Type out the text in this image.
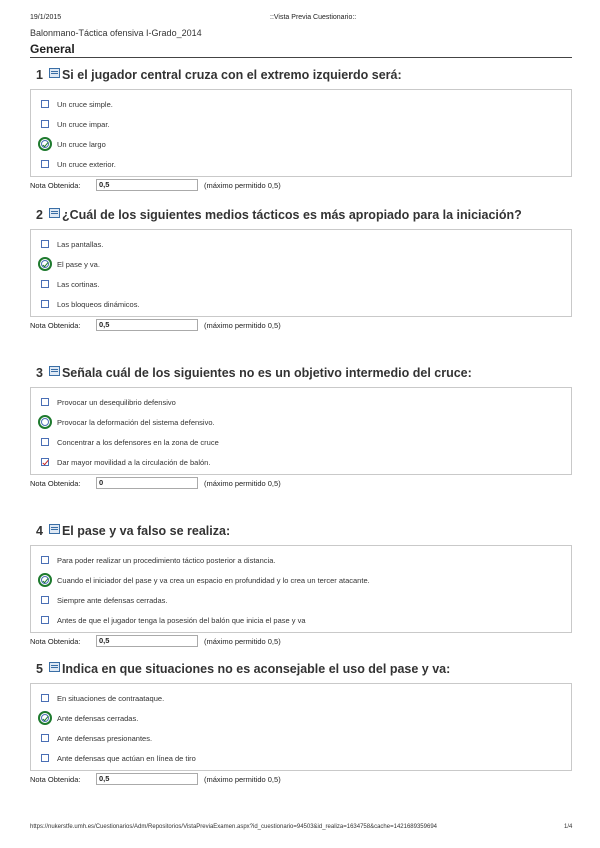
19/1/2015	::Vista Previa Cuestionario::
Balonmano-Táctica ofensiva I-Grado_2014
General
1 Si el jugador central cruza con el extremo izquierdo será:
Un cruce simple.
Un cruce impar.
Un cruce largo
Un cruce exterior.
Nota Obtenida:	0,5	(máximo permitido 0,5)
2 ¿Cuál de los siguientes medios tácticos es más apropiado para la iniciación?
Las pantallas.
El pase y va.
Las cortinas.
Los bloqueos dinámicos.
Nota Obtenida:	0,5	(máximo permitido 0,5)
3 Señala cuál de los siguientes no es un objetivo intermedio del cruce:
Provocar un desequilibrio defensivo
Provocar la deformación del sistema defensivo.
Concentrar a los defensores en la zona de cruce
Dar mayor movilidad a la circulación de balón.
Nota Obtenida:	0	(máximo permitido 0,5)
4 El pase y va falso se realiza:
Para poder realizar un procedimiento táctico posterior a distancia.
Cuando el iniciador del pase y va crea un espacio en profundidad y lo crea un tercer atacante.
Siempre ante defensas cerradas.
Antes de que el jugador tenga la posesión del balón que inicia el pase y va
Nota Obtenida:	0,5	(máximo permitido 0,5)
5 Indica en que situaciones no es aconsejable el uso del pase y va:
En situaciones de contraataque.
Ante defensas cerradas.
Ante defensas presionantes.
Ante defensas que actúan en línea de tiro
Nota Obtenida:	0,5	(máximo permitido 0,5)
https://nukerstfe.umh.es/Cuestionarios/Adm/Repositorios/VistaPreviaExamen.aspx?id_cuestionario=94503&id_realiza=1634758&cache=1421689359694	1/4
